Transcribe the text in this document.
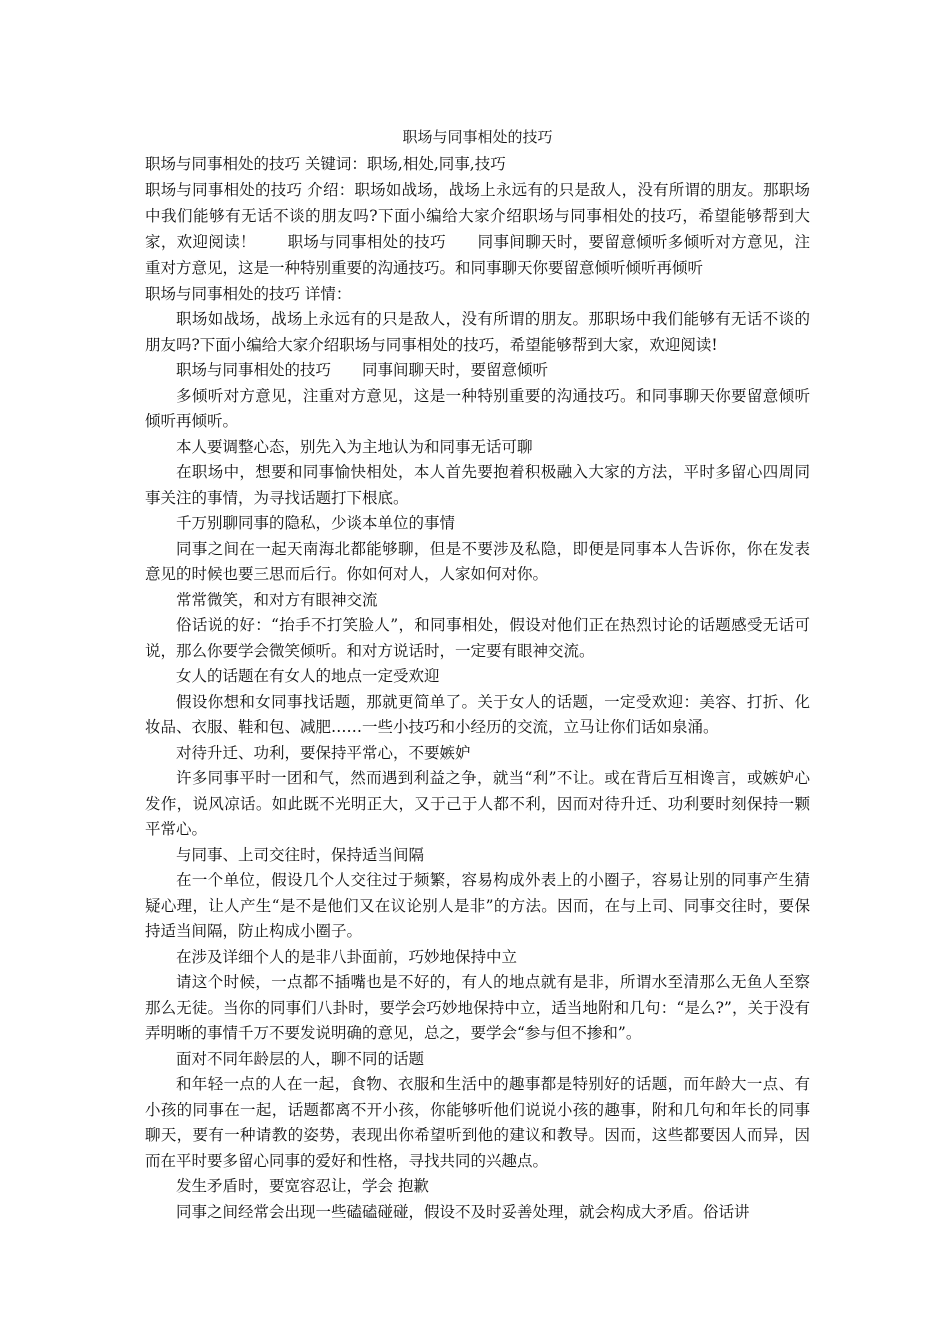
职场与同事相处的技巧
职场与同事相处的技巧 关键词：职场,相处,同事,技巧
职场与同事相处的技巧 介绍：职场如战场，战场上永远有的只是敌人，没有所谓的朋友。那职场中我们能够有无话不谈的朋友吗?下面小编给大家介绍职场与同事相处的技巧，希望能够帮到大家，欢迎阅读！　　职场与同事相处的技巧　　同事间聊天时，要留意倾听多倾听对方意见，注重对方意见，这是一种特别重要的沟通技巧。和同事聊天你要留意倾听倾听再倾听
职场与同事相处的技巧 详情：
职场如战场，战场上永远有的只是敌人，没有所谓的朋友。那职场中我们能够有无话不谈的朋友吗?下面小编给大家介绍职场与同事相处的技巧，希望能够帮到大家，欢迎阅读!
职场与同事相处的技巧　　同事间聊天时，要留意倾听
多倾听对方意见，注重对方意见，这是一种特别重要的沟通技巧。和同事聊天你要留意倾听倾听再倾听。
本人要调整心态，别先入为主地认为和同事无话可聊
在职场中，想要和同事愉快相处，本人首先要抱着积极融入大家的方法，平时多留心四周同事关注的事情，为寻找话题打下根底。
千万别聊同事的隐私，少谈本单位的事情
同事之间在一起天南海北都能够聊，但是不要涉及私隐，即便是同事本人告诉你，你在发表意见的时候也要三思而后行。你如何对人，人家如何对你。
常常微笑，和对方有眼神交流
俗话说的好：“抬手不打笑脸人”，和同事相处，假设对他们正在热烈讨论的话题感受无话可说，那么你要学会微笑倾听。和对方说话时，一定要有眼神交流。
女人的话题在有女人的地点一定受欢迎
假设你想和女同事找话题，那就更简单了。关于女人的话题，一定受欢迎：美容、打折、化妆品、衣服、鞋和包、减肥……一些小技巧和小经历的交流，立马让你们话如泉涌。
对待升迁、功利，要保持平常心，不要嫉妒
许多同事平时一团和气，然而遇到利益之争，就当“利”不让。或在背后互相谗言，或嫉妒心发作，说风凉话。如此既不光明正大，又于己于人都不利，因而对待升迁、功利要时刻保持一颗平常心。
与同事、上司交往时，保持适当间隔
在一个单位，假设几个人交往过于频繁，容易构成外表上的小圈子，容易让别的同事产生猜疑心理，让人产生“是不是他们又在议论别人是非”的方法。因而，在与上司、同事交往时，要保持适当间隔，防止构成小圈子。
在涉及详细个人的是非八卦面前，巧妙地保持中立
请这个时候，一点都不插嘴也是不好的，有人的地点就有是非，所谓水至清那么无鱼人至察那么无徒。当你的同事们八卦时，要学会巧妙地保持中立，适当地附和几句：“是么?”，关于没有弄明晰的事情千万不要发说明确的意见，总之，要学会“参与但不掺和”。
面对不同年龄层的人，聊不同的话题
和年轻一点的人在一起，食物、衣服和生活中的趣事都是特别好的话题，而年龄大一点、有小孩的同事在一起，话题都离不开小孩，你能够听他们说说小孩的趣事，附和几句和年长的同事聊天，要有一种请教的姿势，表现出你希望听到他的建议和教导。因而，这些都要因人而异，因而在平时要多留心同事的爱好和性格，寻找共同的兴趣点。
发生矛盾时，要宽容忍让，学会 抱歉
同事之间经常会出现一些磕磕碰碰，假设不及时妥善处理，就会构成大矛盾。俗话讲
